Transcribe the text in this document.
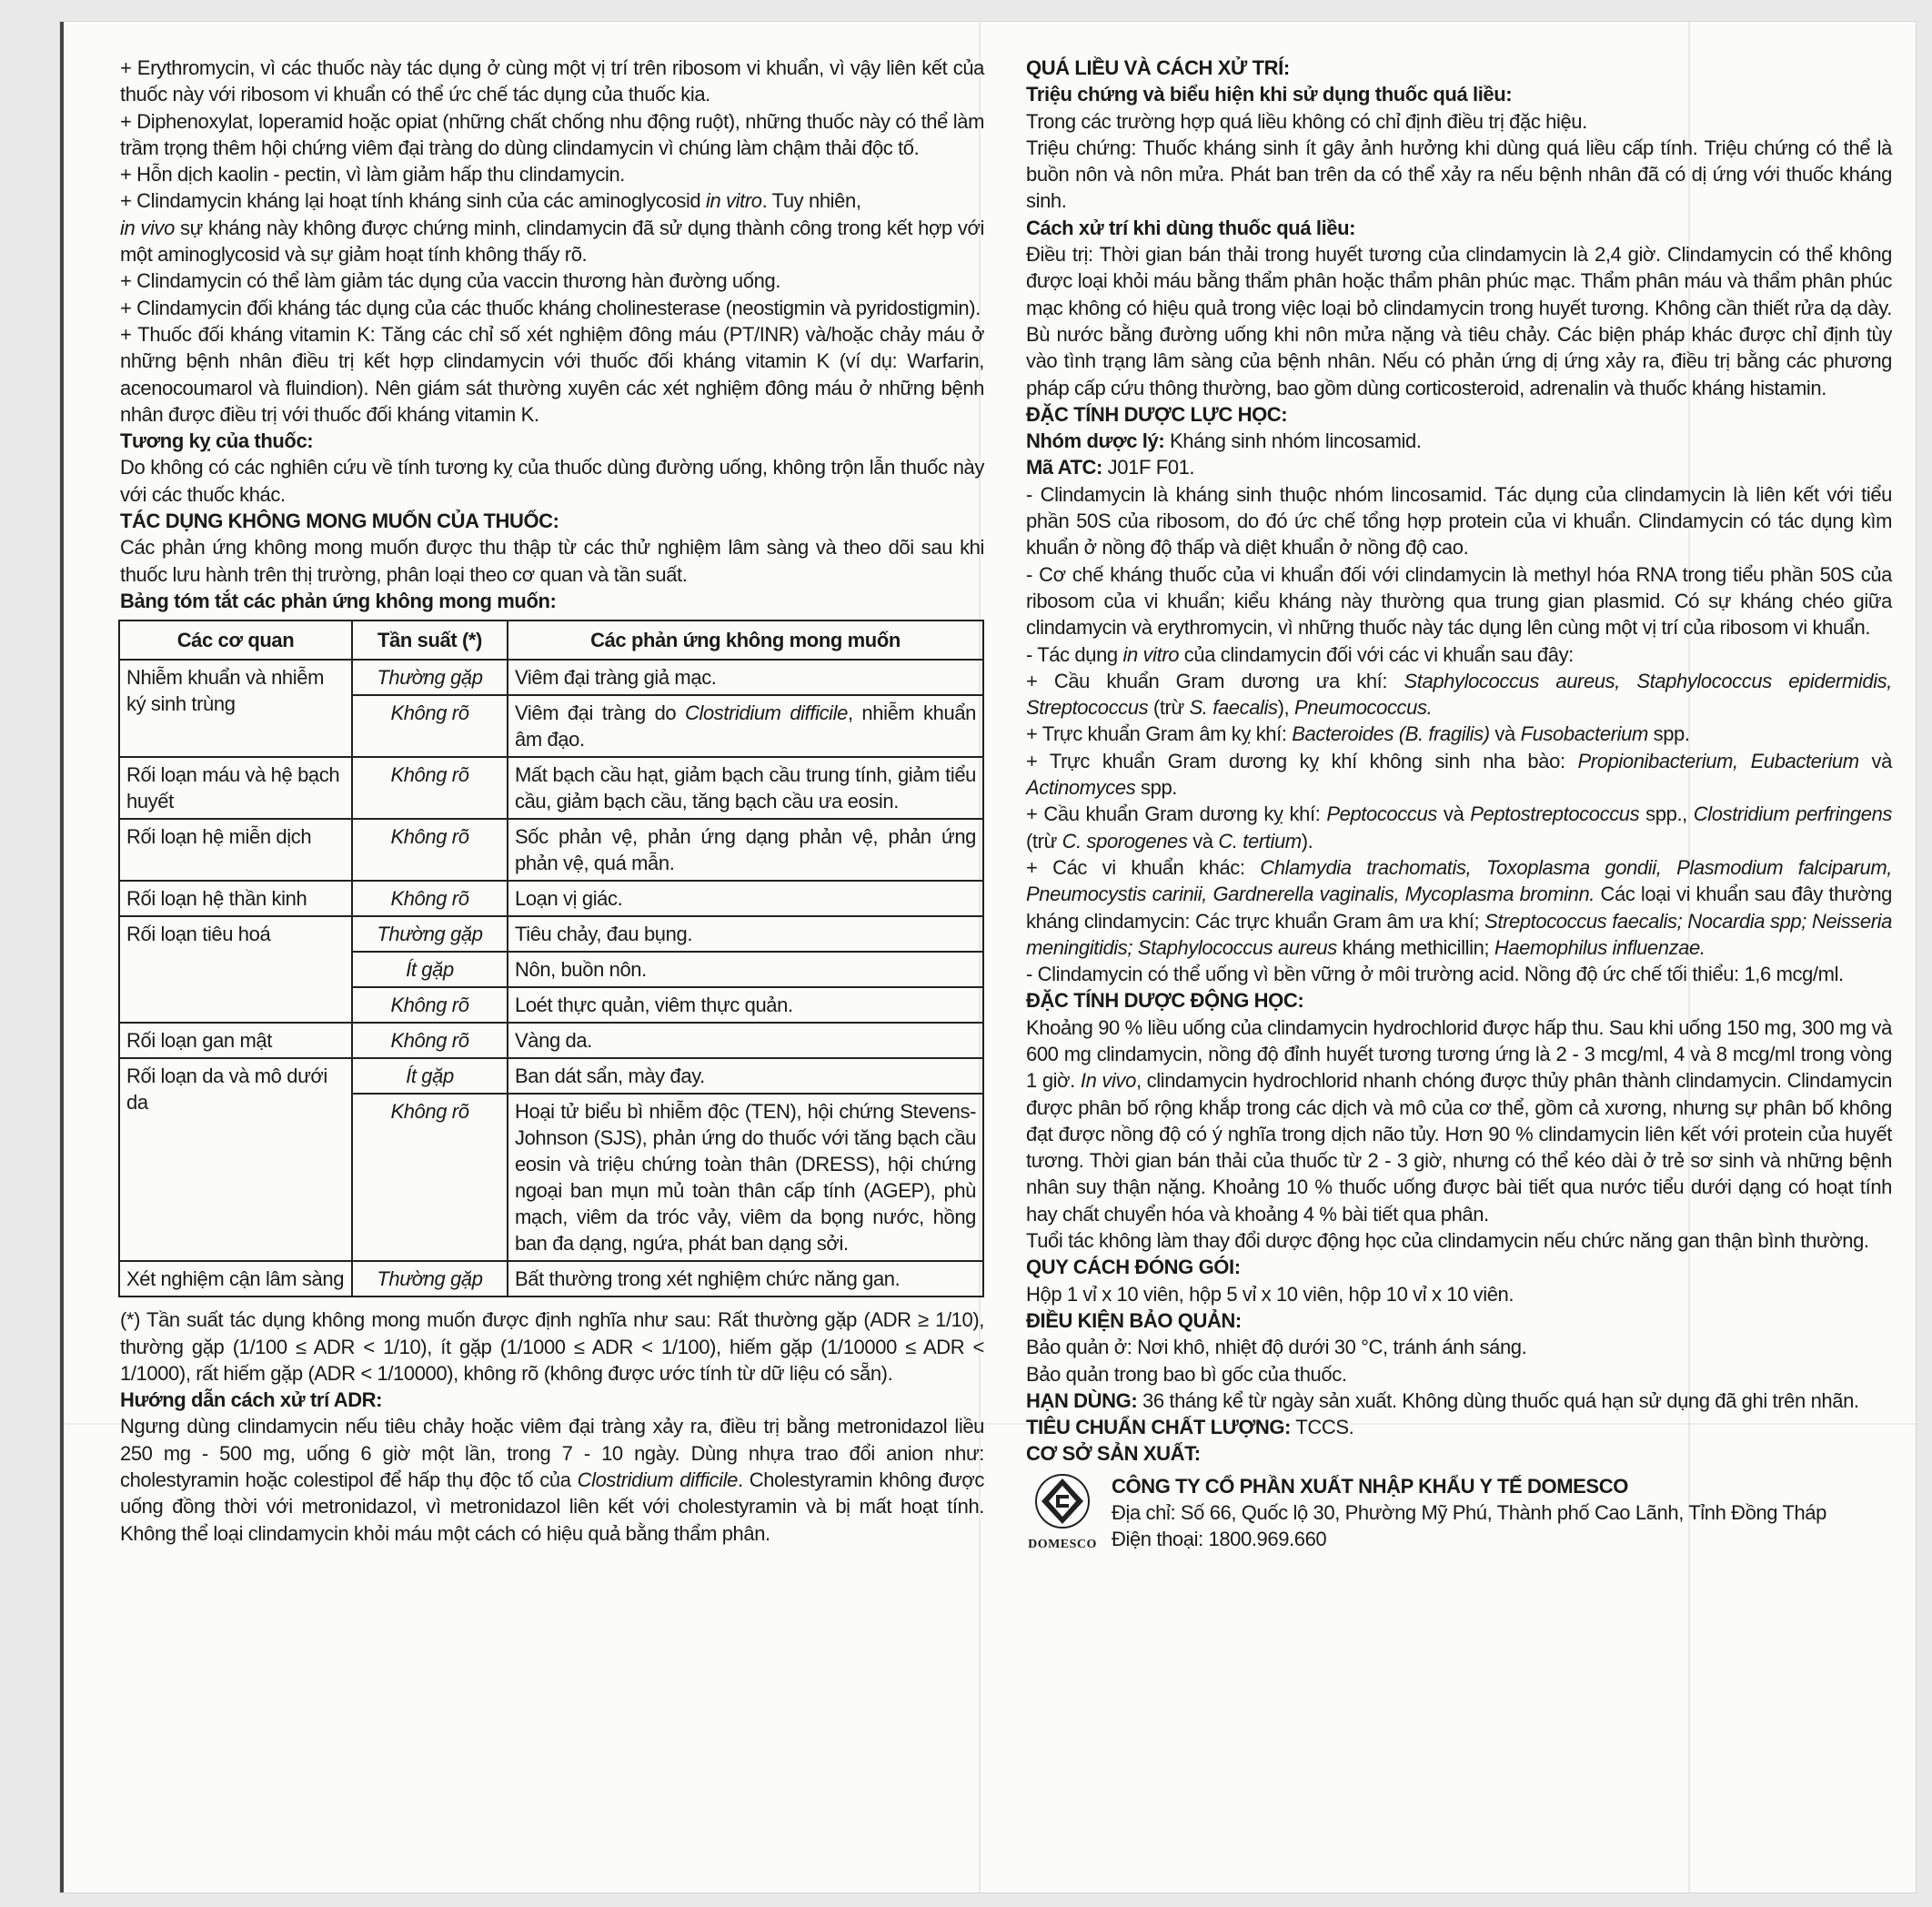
+ Erythromycin, vì các thuốc này tác dụng ở cùng một vị trí trên ribosom vi khuẩn, vì vậy liên kết của thuốc này với ribosom vi khuẩn có thể ức chế tác dụng của thuốc kia.

+ Diphenoxylat, loperamid hoặc opiat (những chất chống nhu động ruột), những thuốc này có thể làm trầm trọng thêm hội chứng viêm đại tràng do dùng clindamycin vì chúng làm chậm thải độc tố.

+ Hỗn dịch kaolin - pectin, vì làm giảm hấp thu clindamycin.

+ Clindamycin kháng lại hoạt tính kháng sinh của các aminoglycosid in vitro. Tuy nhiên,
in vivo sự kháng này không được chứng minh, clindamycin đã sử dụng thành công trong kết hợp với một aminoglycosid và sự giảm hoạt tính không thấy rõ.

+ Clindamycin có thể làm giảm tác dụng của vaccin thương hàn đường uống.

+ Clindamycin đối kháng tác dụng của các thuốc kháng cholinesterase (neostigmin và pyridostigmin).

+ Thuốc đối kháng vitamin K: Tăng các chỉ số xét nghiệm đông máu (PT/INR) và/hoặc chảy máu ở những bệnh nhân điều trị kết hợp clindamycin với thuốc đối kháng vitamin K (ví dụ: Warfarin, acenocoumarol và fluindion). Nên giám sát thường xuyên các xét nghiệm đông máu ở những bệnh nhân được điều trị với thuốc đối kháng vitamin K.

Tương kỵ của thuốc:

Do không có các nghiên cứu về tính tương kỵ của thuốc dùng đường uống, không trộn lẫn thuốc này với các thuốc khác.

TÁC DỤNG KHÔNG MONG MUỐN CỦA THUỐC:

Các phản ứng không mong muốn được thu thập từ các thử nghiệm lâm sàng và theo dõi sau khi thuốc lưu hành trên thị trường, phân loại theo cơ quan và tần suất.

Bảng tóm tắt các phản ứng không mong muốn:

Các cơ quan	Tần suất (*)	Các phản ứng không mong muốn
Nhiễm khuẩn và nhiễm ký sinh trùng	Thường gặp	Viêm đại tràng giả mạc.
	Không rõ	Viêm đại tràng do Clostridium difficile, nhiễm khuẩn âm đạo.
Rối loạn máu và hệ bạch huyết	Không rõ	Mất bạch cầu hạt, giảm bạch cầu trung tính, giảm tiểu cầu, giảm bạch cầu, tăng bạch cầu ưa eosin.
Rối loạn hệ miễn dịch	Không rõ	Sốc phản vệ, phản ứng dạng phản vệ, phản ứng phản vệ, quá mẫn.
Rối loạn hệ thần kinh	Không rõ	Loạn vị giác.
Rối loạn tiêu hoá	Thường gặp	Tiêu chảy, đau bụng.
	Ít gặp	Nôn, buồn nôn.
	Không rõ	Loét thực quản, viêm thực quản.
Rối loạn gan mật	Không rõ	Vàng da.
Rối loạn da và mô dưới da	Ít gặp	Ban dát sẩn, mày đay.
	Không rõ	Hoại tử biểu bì nhiễm độc (TEN), hội chứng Stevens-Johnson (SJS), phản ứng do thuốc với tăng bạch cầu eosin và triệu chứng toàn thân (DRESS), hội chứng ngoại ban mụn mủ toàn thân cấp tính (AGEP), phù mạch, viêm da tróc vảy, viêm da bọng nước, hồng ban đa dạng, ngứa, phát ban dạng sởi.
Xét nghiệm cận lâm sàng	Thường gặp	Bất thường trong xét nghiệm chức năng gan.

(*) Tần suất tác dụng không mong muốn được định nghĩa như sau: Rất thường gặp (ADR ≥ 1/10), thường gặp (1/100 ≤ ADR < 1/10), ít gặp (1/1000 ≤ ADR < 1/100), hiếm gặp (1/10000 ≤ ADR < 1/1000), rất hiếm gặp (ADR < 1/10000), không rõ (không được ước tính từ dữ liệu có sẵn).

Hướng dẫn cách xử trí ADR:

Ngưng dùng clindamycin nếu tiêu chảy hoặc viêm đại tràng xảy ra, điều trị bằng metronidazol liều 250 mg - 500 mg, uống 6 giờ một lần, trong 7 - 10 ngày. Dùng nhựa trao đổi anion như: cholestyramin hoặc colestipol để hấp thụ độc tố của Clostridium difficile. Cholestyramin không được uống đồng thời với metronidazol, vì metronidazol liên kết với cholestyramin và bị mất hoạt tính. Không thể loại clindamycin khỏi máu một cách có hiệu quả bằng thẩm phân.

QUÁ LIỀU VÀ CÁCH XỬ TRÍ:

Triệu chứng và biểu hiện khi sử dụng thuốc quá liều:

Trong các trường hợp quá liều không có chỉ định điều trị đặc hiệu.

Triệu chứng: Thuốc kháng sinh ít gây ảnh hưởng khi dùng quá liều cấp tính. Triệu chứng có thể là buồn nôn và nôn mửa. Phát ban trên da có thể xảy ra nếu bệnh nhân đã có dị ứng với thuốc kháng sinh.

Cách xử trí khi dùng thuốc quá liều:

Điều trị: Thời gian bán thải trong huyết tương của clindamycin là 2,4 giờ. Clindamycin có thể không được loại khỏi máu bằng thẩm phân hoặc thẩm phân phúc mạc. Thẩm phân máu và thẩm phân phúc mạc không có hiệu quả trong việc loại bỏ clindamycin trong huyết tương. Không cần thiết rửa dạ dày. Bù nước bằng đường uống khi nôn mửa nặng và tiêu chảy. Các biện pháp khác được chỉ định tùy vào tình trạng lâm sàng của bệnh nhân. Nếu có phản ứng dị ứng xảy ra, điều trị bằng các phương pháp cấp cứu thông thường, bao gồm dùng corticosteroid, adrenalin và thuốc kháng histamin.

ĐẶC TÍNH DƯỢC LỰC HỌC:

Nhóm dược lý: Kháng sinh nhóm lincosamid.

Mã ATC: J01F F01.

- Clindamycin là kháng sinh thuộc nhóm lincosamid. Tác dụng của clindamycin là liên kết với tiểu phần 50S của ribosom, do đó ức chế tổng hợp protein của vi khuẩn. Clindamycin có tác dụng kìm khuẩn ở nồng độ thấp và diệt khuẩn ở nồng độ cao.

- Cơ chế kháng thuốc của vi khuẩn đối với clindamycin là methyl hóa RNA trong tiểu phần 50S của ribosom của vi khuẩn; kiểu kháng này thường qua trung gian plasmid. Có sự kháng chéo giữa clindamycin và erythromycin, vì những thuốc này tác dụng lên cùng một vị trí của ribosom vi khuẩn.

- Tác dụng in vitro của clindamycin đối với các vi khuẩn sau đây:

+ Cầu khuẩn Gram dương ưa khí: Staphylococcus aureus, Staphylococcus epidermidis, Streptococcus (trừ S. faecalis), Pneumococcus.

+ Trực khuẩn Gram âm kỵ khí: Bacteroides (B. fragilis) và Fusobacterium spp.

+ Trực khuẩn Gram dương kỵ khí không sinh nha bào: Propionibacterium, Eubacterium và Actinomyces spp.

+ Cầu khuẩn Gram dương kỵ khí: Peptococcus và Peptostreptococcus spp., Clostridium perfringens (trừ C. sporogenes và C. tertium).

+ Các vi khuẩn khác: Chlamydia trachomatis, Toxoplasma gondii, Plasmodium falciparum, Pneumocystis carinii, Gardnerella vaginalis, Mycoplasma brominn. Các loại vi khuẩn sau đây thường kháng clindamycin: Các trực khuẩn Gram âm ưa khí; Streptococcus faecalis; Nocardia spp; Neisseria meningitidis; Staphylococcus aureus kháng methicillin; Haemophilus influenzae.

- Clindamycin có thể uống vì bền vững ở môi trường acid. Nồng độ ức chế tối thiểu: 1,6 mcg/ml.

ĐẶC TÍNH DƯỢC ĐỘNG HỌC:

Khoảng 90 % liều uống của clindamycin hydrochlorid được hấp thu. Sau khi uống 150 mg, 300 mg và 600 mg clindamycin, nồng độ đỉnh huyết tương tương ứng là 2 - 3 mcg/ml, 4 và 8 mcg/ml trong vòng 1 giờ. In vivo, clindamycin hydrochlorid nhanh chóng được thủy phân thành clindamycin. Clindamycin được phân bố rộng khắp trong các dịch và mô của cơ thể, gồm cả xương, nhưng sự phân bố không đạt được nồng độ có ý nghĩa trong dịch não tủy. Hơn 90 % clindamycin liên kết với protein của huyết tương. Thời gian bán thải của thuốc từ 2 - 3 giờ, nhưng có thể kéo dài ở trẻ sơ sinh và những bệnh nhân suy thận nặng. Khoảng 10 % thuốc uống được bài tiết qua nước tiểu dưới dạng có hoạt tính hay chất chuyển hóa và khoảng 4 % bài tiết qua phân.

Tuổi tác không làm thay đổi dược động học của clindamycin nếu chức năng gan thận bình thường.

QUY CÁCH ĐÓNG GÓI:

Hộp 1 vỉ x 10 viên, hộp 5 vỉ x 10 viên, hộp 10 vỉ x 10 viên.

ĐIỀU KIỆN BẢO QUẢN:

Bảo quản ở: Nơi khô, nhiệt độ dưới 30 °C, tránh ánh sáng.

Bảo quản trong bao bì gốc của thuốc.

HẠN DÙNG: 36 tháng kể từ ngày sản xuất. Không dùng thuốc quá hạn sử dụng đã ghi trên nhãn.

TIÊU CHUẨN CHẤT LƯỢNG: TCCS.

CƠ SỞ SẢN XUẤT:

DOMESCO

CÔNG TY CỔ PHẦN XUẤT NHẬP KHẨU Y TẾ DOMESCO

Địa chỉ: Số 66, Quốc lộ 30, Phường Mỹ Phú, Thành phố Cao Lãnh, Tỉnh Đồng Tháp

Điện thoại: 1800.969.660
